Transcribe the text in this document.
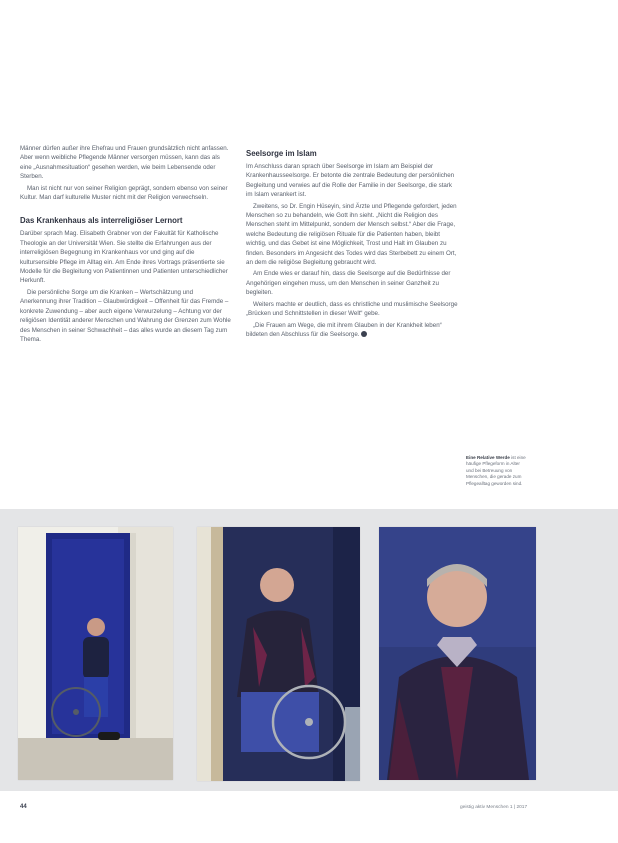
Männer dürfen außer ihre Ehefrau und Frauen grundsätzlich nicht anfassen. Aber wenn weibliche Pflegende Männer versorgen müssen, kann das als eine „Ausnahmesituation“ gesehen werden, wie beim Lebensende oder Sterben.

Man ist nicht nur von seiner Religion geprägt, sondern ebenso von seiner Kultur. Man darf kulturelle Muster nicht mit der Religion verwechseln.

Das Krankenhaus als interreligiöser Lernort

Darüber sprach Mag. Elisabeth Grabner von der Fakultät für Katholische Theologie an der Universität Wien. Sie stellte die Erfahrungen aus der interreligiösen Begegnung im Krankenhaus vor und ging auf die kultursensible Pflege im Alltag ein. Am Ende ihres Vortrags präsentierte sie Modelle für die Begleitung von Patientinnen und Patienten unterschiedlicher Herkunft.

Die persönliche Sorge um die Kranken – Wertschätzung und Anerkennung ihrer Tradition – Glaubwürdigkeit – Offenheit für das Fremde – konkrete Zuwendung – aber auch eigene Verwurzelung – Achtung vor der religiösen Identität anderer Menschen und Wahrung der Grenzen zum Wohle des Menschen in seiner Schwachheit – das alles wurde an diesem Tag zum Thema.

Seelsorge im Islam

Im Anschluss daran sprach über Seelsorge im Islam am Beispiel der Krankenhausseelsorge. Er betonte die zentrale Bedeutung der persönlichen Begleitung und verwies auf die Rolle der Familie in der Seelsorge, die stark im Islam verankert ist.

Zweitens, so Dr. Engin Hüseyin, sind Ärzte und Pflegende gefordert, jeden Menschen so zu behandeln, wie Gott ihn sieht. „Nicht die Religion des Menschen steht im Mittelpunkt, sondern der Mensch selbst.“ Aber die Frage, welche Bedeutung die religiösen Rituale für die Patienten haben, bleibt wichtig, und das Gebet ist eine Möglichkeit, Trost und Halt im Glauben zu finden. Besonders im Angesicht des Todes wird das Sterbebett zu einem Ort, an dem die religiöse Begleitung gebraucht wird.

Am Ende wies er darauf hin, dass die Seelsorge auf die Bedürfnisse der Angehörigen eingehen muss, um den Menschen in seiner Ganzheit zu begleiten.

Weiters machte er deutlich, dass es christliche und muslimische Seelsorge „Brücken und Schnittstellen in dieser Welt“ gebe.

„Die Frauen am Wege, die mit ihrem Glauben in der Krankheit leben“ bildeten den Abschluss für die Seelsorge.

Eine Relative Werde ist eine häufige Pflegeform in Alter und bei Betreuung von Menschen, die gerade zum Pflegealltag geworden sind.
44	geistig aktiv Menschen 1 | 2017
